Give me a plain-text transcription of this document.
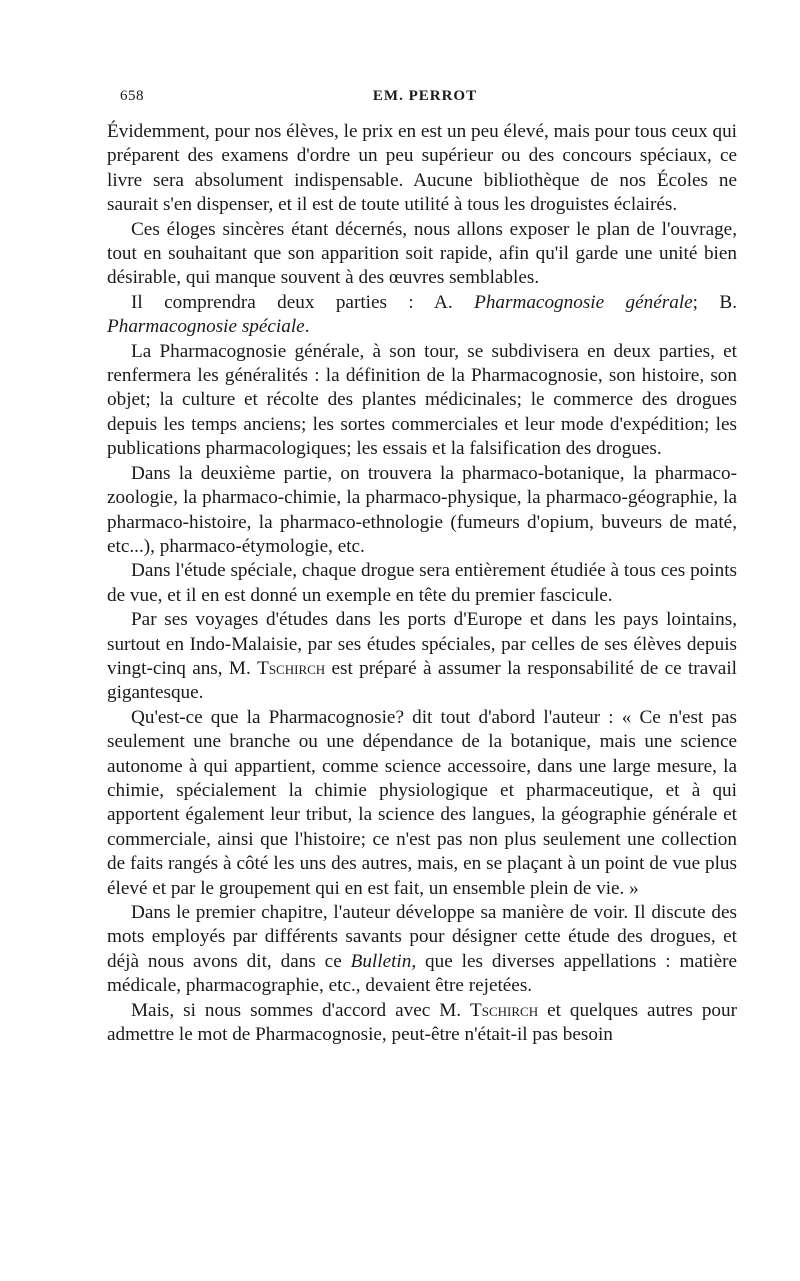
658	EM. PERROT

Évidemment, pour nos élèves, le prix en est un peu élevé, mais pour tous ceux qui préparent des examens d'ordre un peu supérieur ou des concours spéciaux, ce livre sera absolument indispensable. Aucune bibliothèque de nos Écoles ne saurait s'en dispenser, et il est de toute utilité à tous les droguistes éclairés.

Ces éloges sincères étant décernés, nous allons exposer le plan de l'ouvrage, tout en souhaitant que son apparition soit rapide, afin qu'il garde une unité bien désirable, qui manque souvent à des œuvres semblables.

Il comprendra deux parties : A. Pharmacognosie générale; B. Pharmacognosie spéciale.

La Pharmacognosie générale, à son tour, se subdivisera en deux parties, et renfermera les généralités : la définition de la Pharmacognosie, son histoire, son objet; la culture et récolte des plantes médicinales; le commerce des drogues depuis les temps anciens; les sortes commerciales et leur mode d'expédition; les publications pharmacologiques; les essais et la falsification des drogues.

Dans la deuxième partie, on trouvera la pharmaco-botanique, la pharmaco-zoologie, la pharmaco-chimie, la pharmaco-physique, la pharmaco-géographie, la pharmaco-histoire, la pharmaco-ethnologie (fumeurs d'opium, buveurs de maté, etc...), pharmaco-étymologie, etc.

Dans l'étude spéciale, chaque drogue sera entièrement étudiée à tous ces points de vue, et il en est donné un exemple en tête du premier fascicule.

Par ses voyages d'études dans les ports d'Europe et dans les pays lointains, surtout en Indo-Malaisie, par ses études spéciales, par celles de ses élèves depuis vingt-cinq ans, M. Tschirch est préparé à assumer la responsabilité de ce travail gigantesque.

Qu'est-ce que la Pharmacognosie? dit tout d'abord l'auteur : « Ce n'est pas seulement une branche ou une dépendance de la botanique, mais une science autonome à qui appartient, comme science accessoire, dans une large mesure, la chimie, spécialement la chimie physiologique et pharmaceutique, et à qui apportent également leur tribut, la science des langues, la géographie générale et commerciale, ainsi que l'histoire; ce n'est pas non plus seulement une collection de faits rangés à côté les uns des autres, mais, en se plaçant à un point de vue plus élevé et par le groupement qui en est fait, un ensemble plein de vie. »

Dans le premier chapitre, l'auteur développe sa manière de voir. Il discute des mots employés par différents savants pour désigner cette étude des drogues, et déjà nous avons dit, dans ce Bulletin, que les diverses appellations : matière médicale, pharmacographie, etc., devaient être rejetées.

Mais, si nous sommes d'accord avec M. Tschirch et quelques autres pour admettre le mot de Pharmacognosie, peut-être n'était-il pas besoin
